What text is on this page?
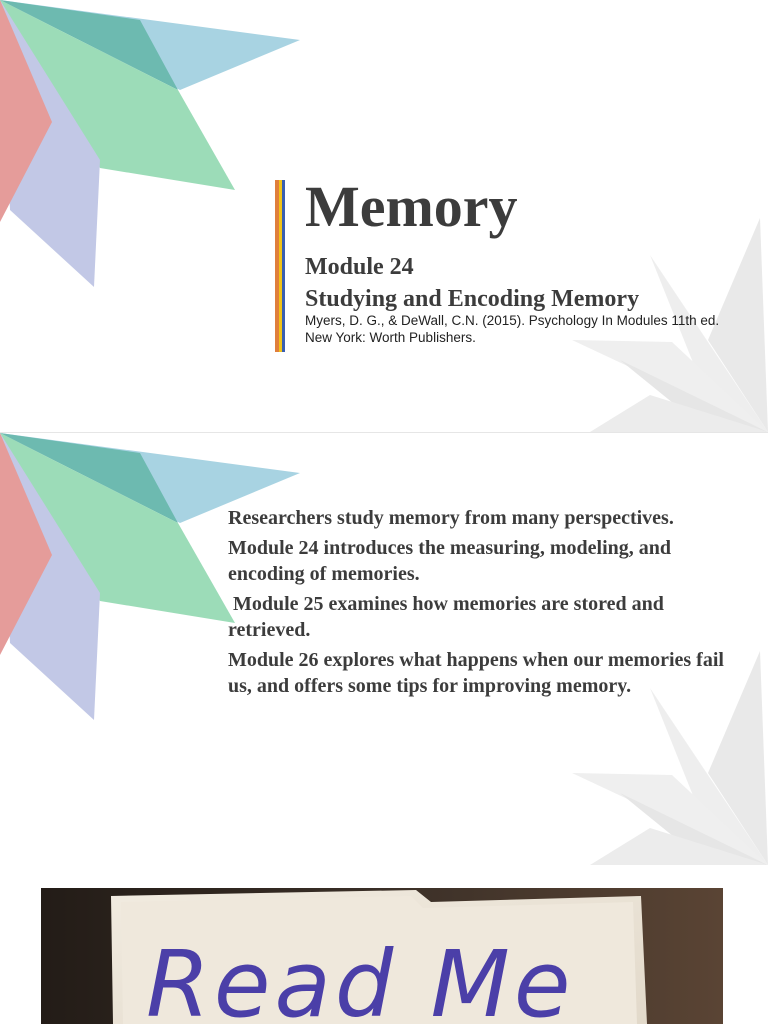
Memory
Module 24
Studying and Encoding Memory

Myers, D. G., & DeWall, C.N. (2015). Psychology In Modules 11th ed. New York: Worth Publishers.

Researchers study memory from many perspectives.

Module 24 introduces the measuring, modeling, and encoding of memories.

Module 25 examines how memories are stored and retrieved.

Module 26 explores what happens when our memories fail us, and offers some tips for improving memory.

Read Me
